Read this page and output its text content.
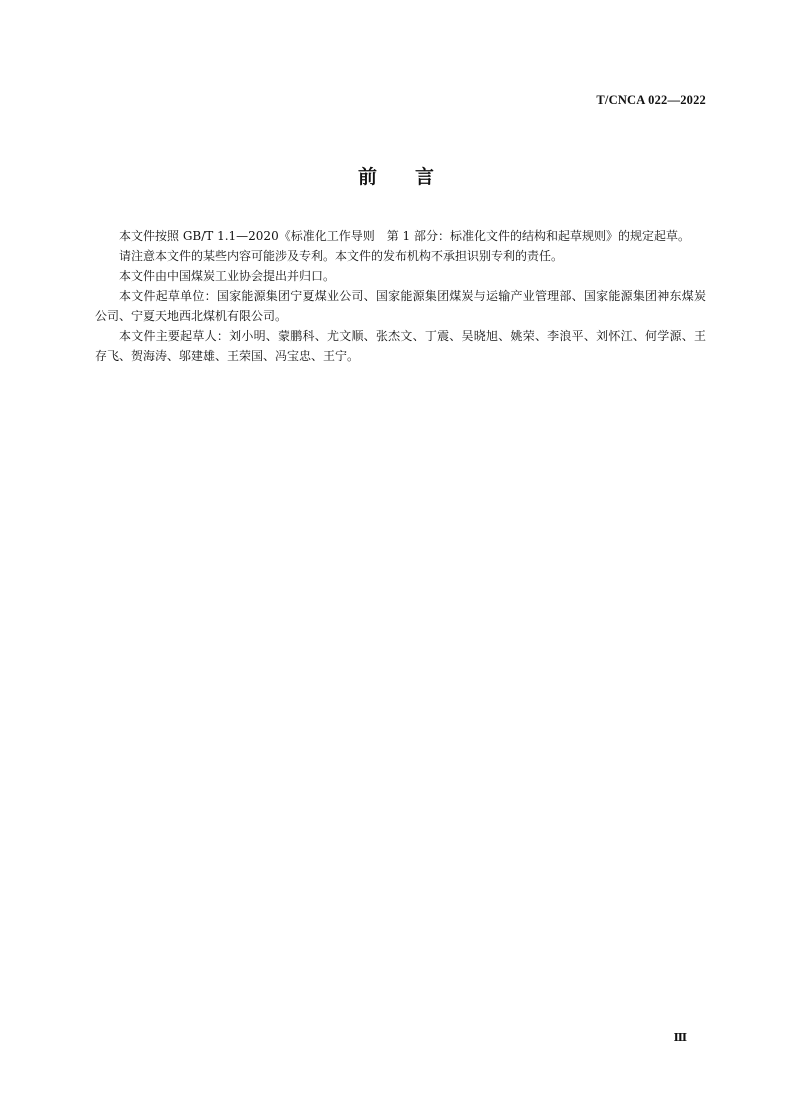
T/CNCA 022—2022
前言

本文件按照 GB/T 1.1—2020《标准化工作导则　第 1 部分：标准化文件的结构和起草规则》的规定起草。

请注意本文件的某些内容可能涉及专利。本文件的发布机构不承担识别专利的责任。

本文件由中国煤炭工业协会提出并归口。

本文件起草单位：国家能源集团宁夏煤业公司、国家能源集团煤炭与运输产业管理部、国家能源集团神东煤炭公司、宁夏天地西北煤机有限公司。

本文件主要起草人：刘小明、蒙鹏科、尤文顺、张杰文、丁震、吴晓旭、姚荣、李浪平、刘怀江、何学源、王存飞、贺海涛、邬建雄、王荣国、冯宝忠、王宁。

Ⅲ
